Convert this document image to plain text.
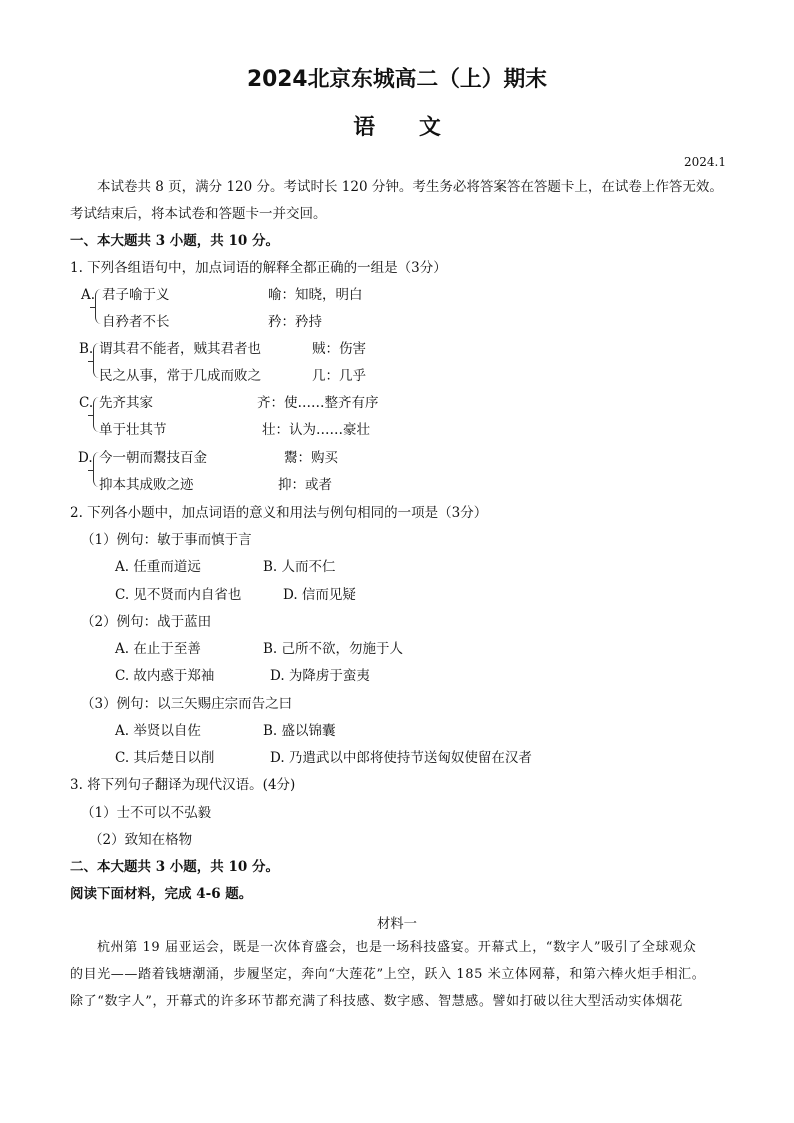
2024北京东城高二（上）期末
语文
2024.1
本试卷共 8 页，满分 120 分。考试时长 120 分钟。考生务必将答案答在答题卡上，在试卷上作答无效。
考试结束后，将本试卷和答题卡一并交回。
一、本大题共 3 小题，共 10 分。
1. 下列各组语句中，加点词语的解释全都正确的一组是（3分）
A. 君子喻于义	喻：知晓，明白
自矜者不长	矜：矜持
B. 谓其君不能者，贼其君者也	贼：伤害
民之从事，常于几成而败之	几：几乎
C. 先齐其家	齐：使……整齐有序
单于壮其节	壮：认为……豪壮
D. 今一朝而鬻技百金	鬻：购买
抑本其成败之迹	抑：或者
2. 下列各小题中，加点词语的意义和用法与例句相同的一项是（3分）
（1）例句：敏于事而慎于言
A. 任重而道远	B. 人而不仁
C. 见不贤而内自省也	D. 信而见疑
（2）例句：战于蓝田
A. 在止于至善	B. 己所不欲，勿施于人
C. 故内惑于郑袖	D. 为降虏于蛮夷
（3）例句：以三矢赐庄宗而告之曰
A. 举贤以自佐	B. 盛以锦囊
C. 其后楚日以削	D. 乃遣武以中郎将使持节送匈奴使留在汉者
3. 将下列句子翻译为现代汉语。(4分)
（1）士不可以不弘毅
（2）致知在格物
二、本大题共 3 小题，共 10 分。
阅读下面材料，完成 4-6 题。
材料一
杭州第 19 届亚运会，既是一次体育盛会，也是一场科技盛宴。开幕式上，“数字人”吸引了全球观众
的目光——踏着钱塘潮涌，步履坚定，奔向“大莲花”上空，跃入 185 米立体网幕，和第六棒火炬手相汇。
除了“数字人”，开幕式的许多环节都充满了科技感、数字感、智慧感。譬如打破以往大型活动实体烟花
